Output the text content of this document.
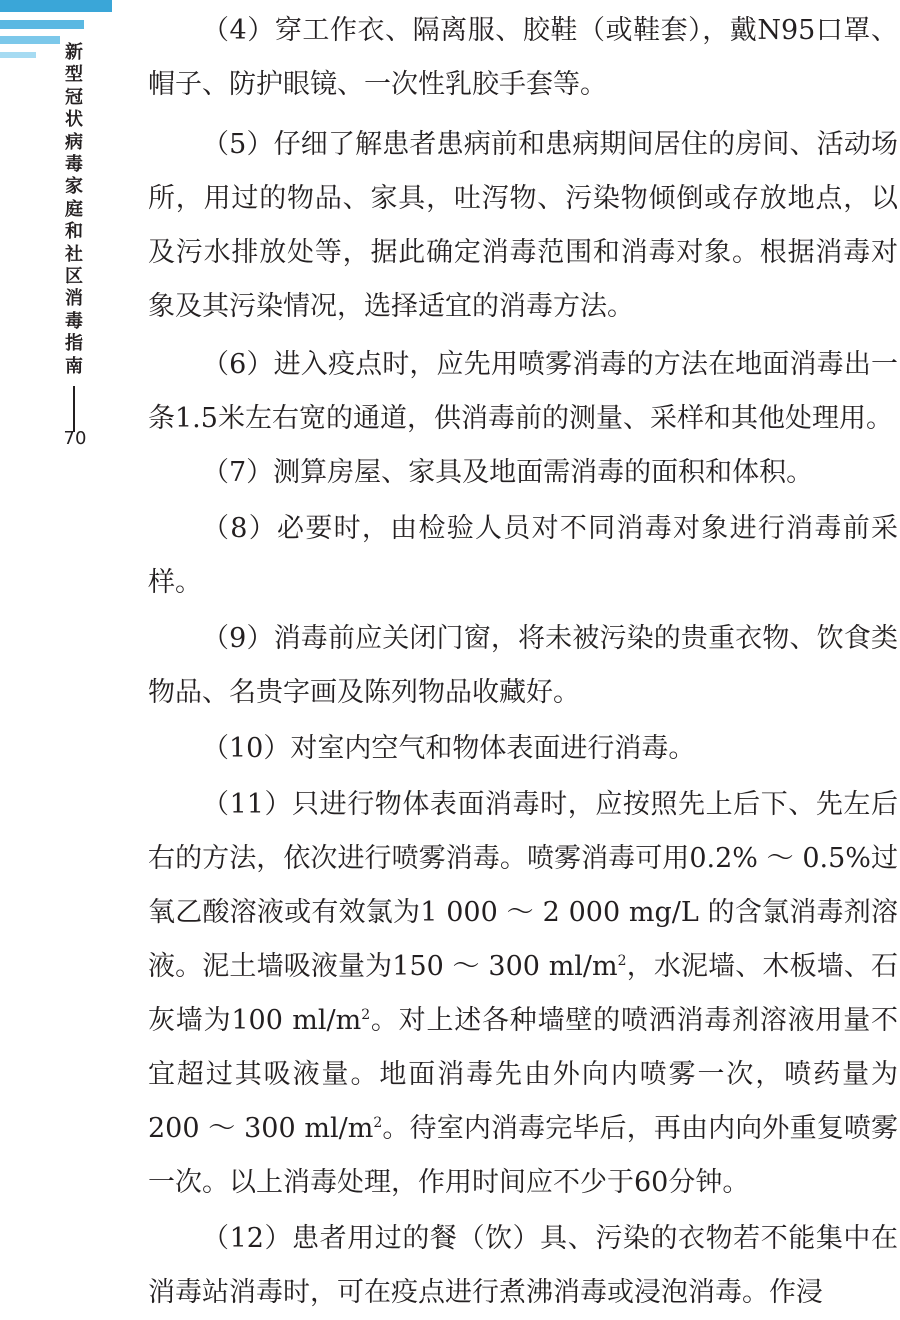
新型冠状病毒家庭和社区消毒指南
70

（4）穿工作衣、隔离服、胶鞋（或鞋套），戴N95口罩、帽子、防护眼镜、一次性乳胶手套等。

（5）仔细了解患者患病前和患病期间居住的房间、活动场所，用过的物品、家具，吐泻物、污染物倾倒或存放地点，以及污水排放处等，据此确定消毒范围和消毒对象。根据消毒对象及其污染情况，选择适宜的消毒方法。

（6）进入疫点时，应先用喷雾消毒的方法在地面消毒出一条1.5米左右宽的通道，供消毒前的测量、采样和其他处理用。

（7）测算房屋、家具及地面需消毒的面积和体积。

（8）必要时，由检验人员对不同消毒对象进行消毒前采样。

（9）消毒前应关闭门窗，将未被污染的贵重衣物、饮食类物品、名贵字画及陈列物品收藏好。

（10）对室内空气和物体表面进行消毒。

（11）只进行物体表面消毒时，应按照先上后下、先左后右的方法，依次进行喷雾消毒。喷雾消毒可用0.2% ～ 0.5%过氧乙酸溶液或有效氯为1 000 ～ 2 000 mg/L 的含氯消毒剂溶液。泥土墙吸液量为150 ～ 300 $ml/m^2$，水泥墙、木板墙、石灰墙为100 $ml/m^2$。对上述各种墙壁的喷洒消毒剂溶液用量不宜超过其吸液量。地面消毒先由外向内喷雾一次，喷药量为200 ～ 300 $ml/m^2$。待室内消毒完毕后，再由内向外重复喷雾一次。以上消毒处理，作用时间应不少于60分钟。

（12）患者用过的餐（饮）具、污染的衣物若不能集中在消毒站消毒时，可在疫点进行煮沸消毒或浸泡消毒。作浸
